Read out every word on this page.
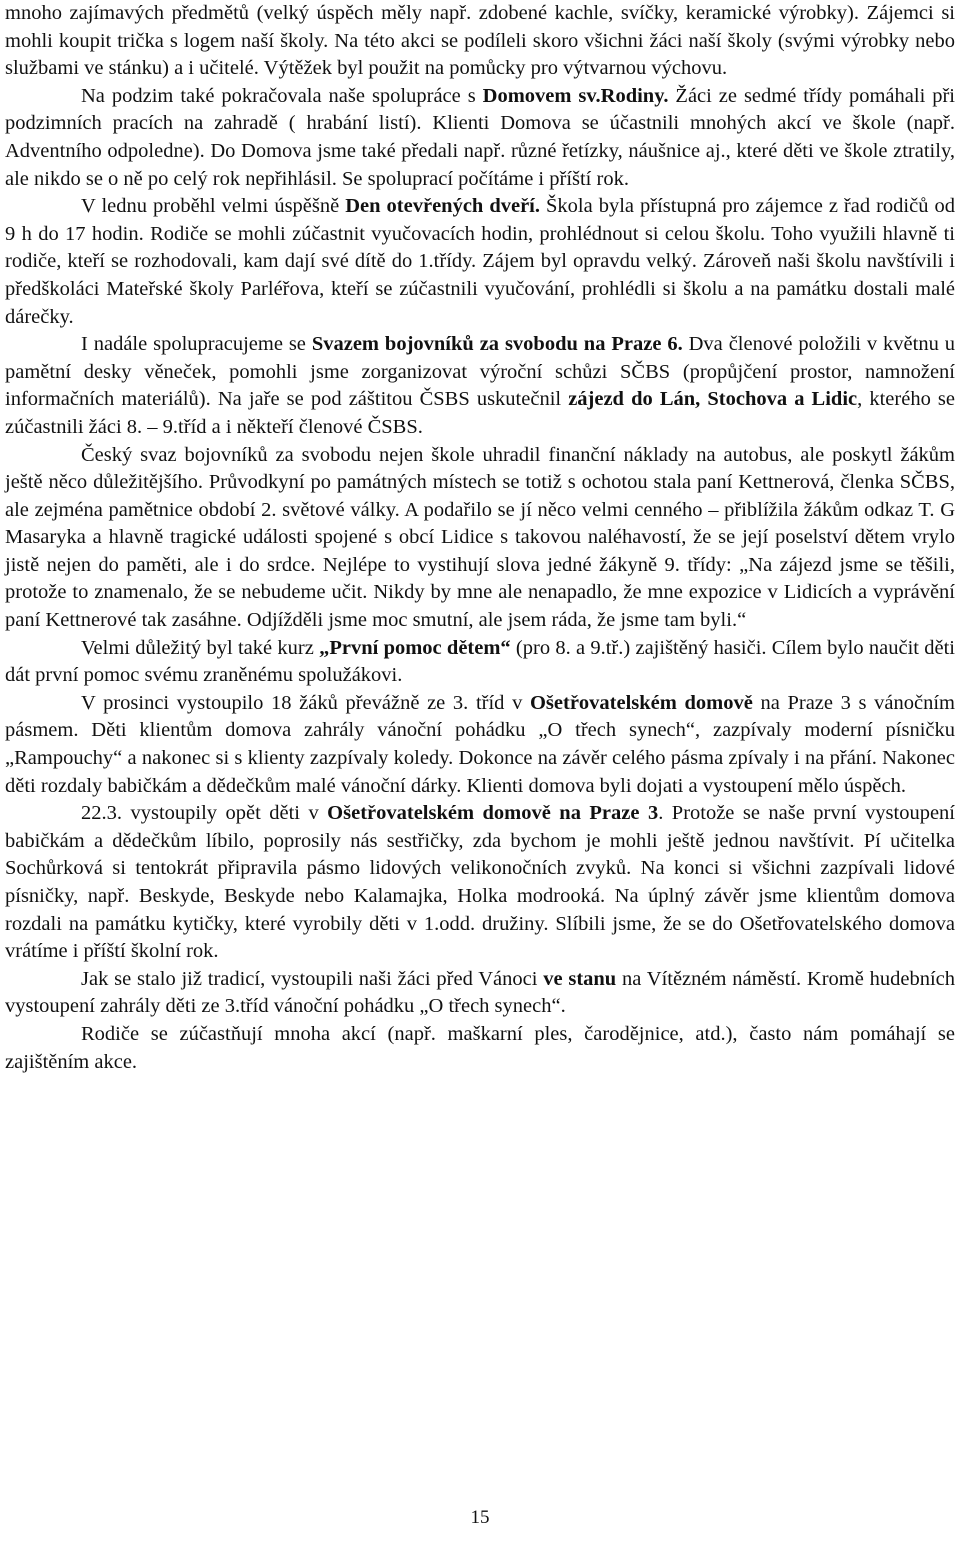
mnoho zajímavých předmětů (velký úspěch měly např. zdobené kachle, svíčky, keramické výrobky). Zájemci si mohli koupit trička s logem naší školy. Na této akci se podíleli skoro všichni žáci naší školy (svými výrobky nebo službami ve stánku) a i učitelé. Výtěžek byl použit na pomůcky pro výtvarnou výchovu.

Na podzim také pokračovala naše spolupráce s Domovem sv.Rodiny. Žáci ze sedmé třídy pomáhali při podzimních pracích na zahradě ( hrabání listí). Klienti Domova se účastnili mnohých akcí ve škole (např. Adventního odpoledne). Do Domova jsme také předali např. různé řetízky, náušnice aj., které děti ve škole ztratily, ale nikdo se o ně po celý rok nepřihlásil. Se spoluprací počítáme i příští rok.

V lednu proběhl velmi úspěšně Den otevřených dveří. Škola byla přístupná pro zájemce z řad rodičů od 9 h do 17 hodin. Rodiče se mohli zúčastnit vyučovacích hodin, prohlédnout si celou školu. Toho využili hlavně ti rodiče, kteří se rozhodovali, kam dají své dítě do 1.třídy. Zájem byl opravdu velký. Zároveň naši školu navštívili i předškoláci Mateřské školy Parléřova, kteří se zúčastnili vyučování, prohlédli si školu a na památku dostali malé dárečky.

I nadále spolupracujeme se Svazem bojovníků za svobodu na Praze 6. Dva členové položili v květnu u pamětní desky věneček, pomohli jsme zorganizovat výroční schůzi SČBS (propůjčení prostor, namnožení informačních materiálů). Na jaře se pod záštitou ČSBS uskutečnil zájezd do Lán, Stochova a Lidic, kterého se zúčastnili žáci 8. – 9.tříd a i někteří členové ČSBS.

Český svaz bojovníků za svobodu nejen škole uhradil finanční náklady na autobus, ale poskytl žákům ještě něco důležitějšího. Průvodkyní po památných místech se totiž s ochotou stala paní Kettnerová, členka SČBS, ale zejména pamětnice období 2. světové války. A podařilo se jí něco velmi cenného – přiblížila žákům odkaz T. G Masaryka a hlavně tragické události spojené s obcí Lidice s takovou naléhavostí, že se její poselství dětem vrylo jistě nejen do paměti, ale i do srdce. Nejlépe to vystihují slova jedné žákyně 9. třídy: „Na zájezd jsme se těšili, protože to znamenalo, že se nebudeme učit. Nikdy by mne ale nenapadlo, že mne expozice v Lidicích a vyprávění paní Kettnerové tak zasáhne. Odjížděli jsme moc smutní, ale jsem ráda, že jsme tam byli.“

Velmi důležitý byl také kurz „První pomoc dětem“ (pro 8. a 9.tř.) zajištěný hasiči. Cílem bylo naučit děti dát první pomoc svému zraněnému spolužákovi.

V prosinci vystoupilo 18 žáků převážně ze 3. tříd v Ošetřovatelském domově na Praze 3 s vánočním pásmem. Děti klientům domova zahrály vánoční pohádku „O třech synech“, zazpívaly moderní písničku „Rampouchy“ a nakonec si s klienty zazpívaly koledy. Dokonce na závěr celého pásma zpívaly i na přání. Nakonec děti rozdaly babičkám a dědečkům malé vánoční dárky. Klienti domova byli dojati a vystoupení mělo úspěch.

22.3. vystoupily opět děti v Ošetřovatelském domově na Praze 3. Protože se naše první vystoupení babičkám a dědečkům líbilo, poprosily nás sestřičky, zda bychom je mohli ještě jednou navštívit. Pí učitelka Sochůrková si tentokrát připravila pásmo lidových velikonočních zvyků. Na konci si všichni zazpívali lidové písničky, např. Beskyde, Beskyde nebo Kalamajka, Holka modrooká. Na úplný závěr jsme klientům domova rozdali na památku kytičky, které vyrobily děti v 1.odd. družiny. Slíbili jsme, že se do Ošetřovatelského domova vrátíme i příští školní rok.

Jak se stalo již tradicí, vystoupili naši žáci před Vánoci ve stanu na Vítězném náměstí. Kromě hudebních vystoupení zahrály děti ze 3.tříd vánoční pohádku „O třech synech“.

Rodiče se zúčastňují mnoha akcí (např. maškarní ples, čarodějnice, atd.), často nám pomáhají se zajištěním akce.

15
